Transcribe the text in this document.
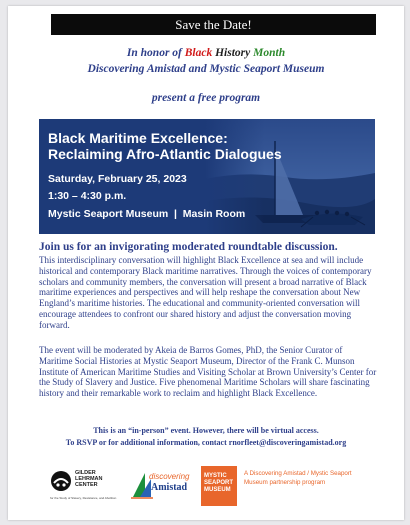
Save the Date!
In honor of Black History Month
Discovering Amistad and Mystic Seaport Museum
present a free program
Black Maritime Excellence:
Reclaiming Afro-Atlantic Dialogues
Saturday, February 25, 2023
1:30 – 4:30 p.m.
Mystic Seaport Museum  |  Masin Room
Join us for an invigorating moderated roundtable discussion.
This interdisciplinary conversation will highlight Black Excellence at sea and will include historical and contemporary Black maritime narratives. Through the voices of contemporary scholars and community members, the conversation will present a broad narrative of Black maritime experiences and perspectives and will help reshape the conversation about New England’s maritime histories. The educational and community-oriented conversation will encourage attendees to confront our shared history and adjust the conversation moving forward.
The event will be moderated by Akeia de Barros Gomes, PhD, the Senior Curator of Maritime Social Histories at Mystic Seaport Museum, Director of the Frank C. Munson Institute of American Maritime Studies and Visiting Scholar at Brown University’s Center for the Study of Slavery and Justice. Five phenomenal Maritime Scholars will share fascinating history and their remarkable work to reclaim and highlight Black Excellence.
This is an “in-person” event. However, there will be virtual access.
To RSVP or for additional information, contact rnorfleet@discoveringamistad.org
GILDER LEHRMAN CENTER
for the Study of Slavery, Resistance, and Abolition
discovering
Amistad
MYSTIC SEAPORT MUSEUM
A Discovering Amistad / Mystic Seaport Museum partnership program
